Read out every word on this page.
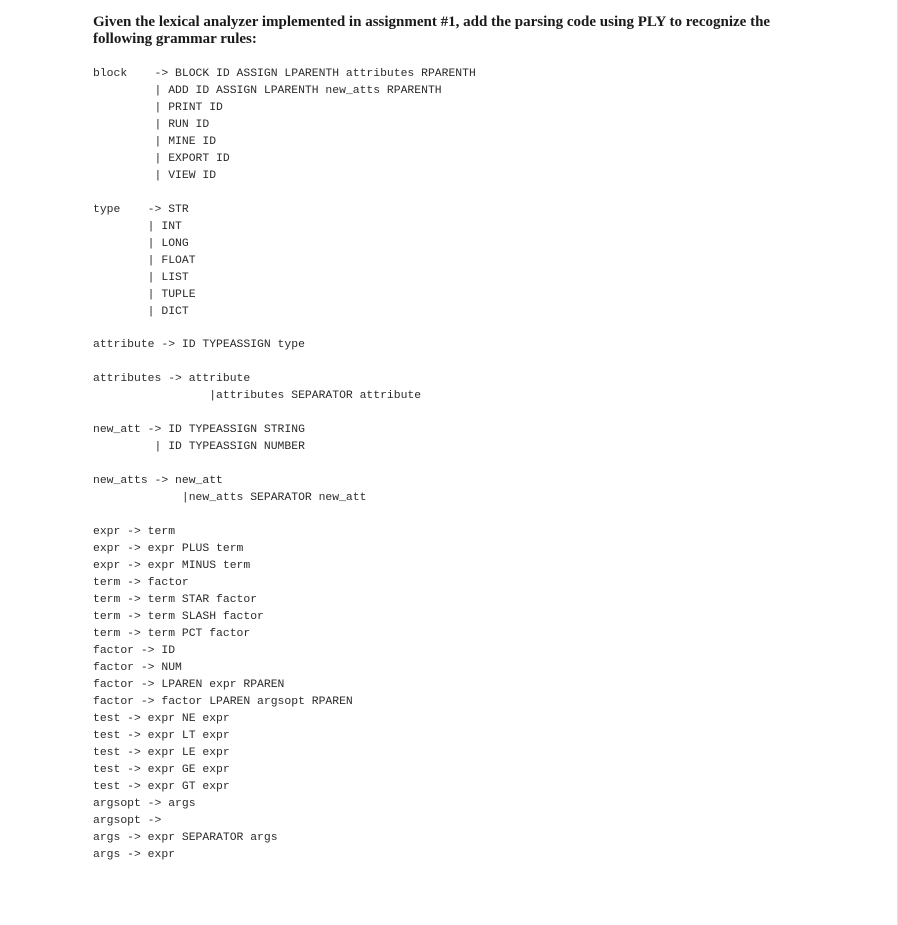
Given the lexical analyzer implemented in assignment #1, add the parsing code using PLY to recognize the following grammar rules:

block    -> BLOCK ID ASSIGN LPARENTH attributes RPARENTH
| ADD ID ASSIGN LPARENTH new_atts RPARENTH
| PRINT ID
| RUN ID
| MINE ID
| EXPORT ID
| VIEW ID
type    -> STR
| INT
| LONG
| FLOAT
| LIST
| TUPLE
| DICT
attribute -> ID TYPEASSIGN type
attributes -> attribute
|attributes SEPARATOR attribute
new_att -> ID TYPEASSIGN STRING
| ID TYPEASSIGN NUMBER
new_atts -> new_att
|new_atts SEPARATOR new_att
expr -> term
expr -> expr PLUS term
expr -> expr MINUS term
term -> factor
term -> term STAR factor
term -> term SLASH factor
term -> term PCT factor
factor -> ID
factor -> NUM
factor -> LPAREN expr RPAREN
factor -> factor LPAREN argsopt RPAREN
test -> expr NE expr
test -> expr LT expr
test -> expr LE expr
test -> expr GE expr
test -> expr GT expr
argsopt -> args
argsopt ->
args -> expr SEPARATOR args
args -> expr
